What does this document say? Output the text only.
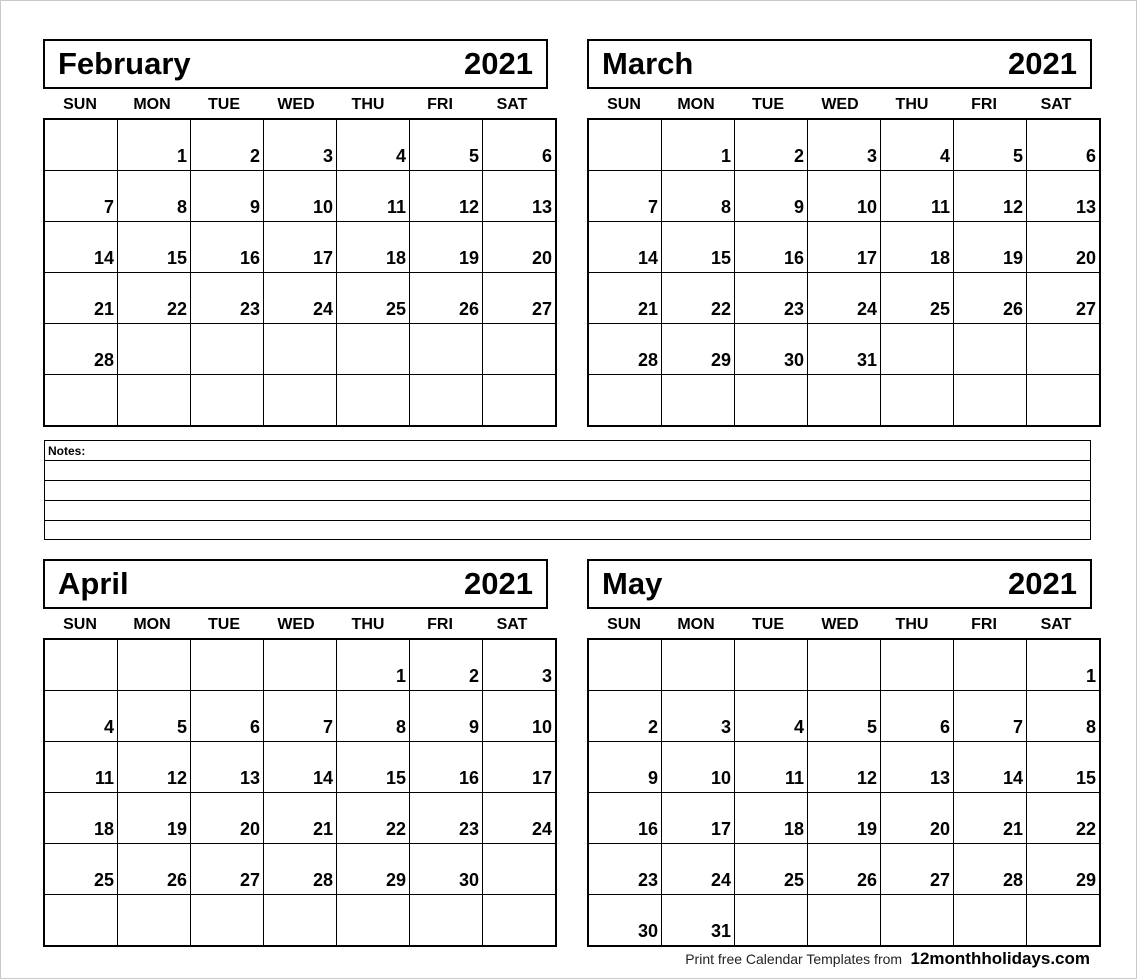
February	2021
SUN	MON	TUE	WED	THU	FRI	SAT

	1	2	3	4	5	6

7	8	9	10	11	12	13

14	15	16	17	18	19	20

21	22	23	24	25	26	27

28						

March	2021
SUN	MON	TUE	WED	THU	FRI	SAT

	1	2	3	4	5	6

7	8	9	10	11	12	13

14	15	16	17	18	19	20

21	22	23	24	25	26	27

28	29	30	31			

Notes:
April	2021
SUN	MON	TUE	WED	THU	FRI	SAT

				1	2	3

4	5	6	7	8	9	10

11	12	13	14	15	16	17

18	19	20	21	22	23	24

25	26	27	28	29	30	

May	2021
SUN	MON	TUE	WED	THU	FRI	SAT

						1

2	3	4	5	6	7	8

9	10	11	12	13	14	15

16	17	18	19	20	21	22

23	24	25	26	27	28	29

30	31					

Print free Calendar Templates from 12monthholidays.com
